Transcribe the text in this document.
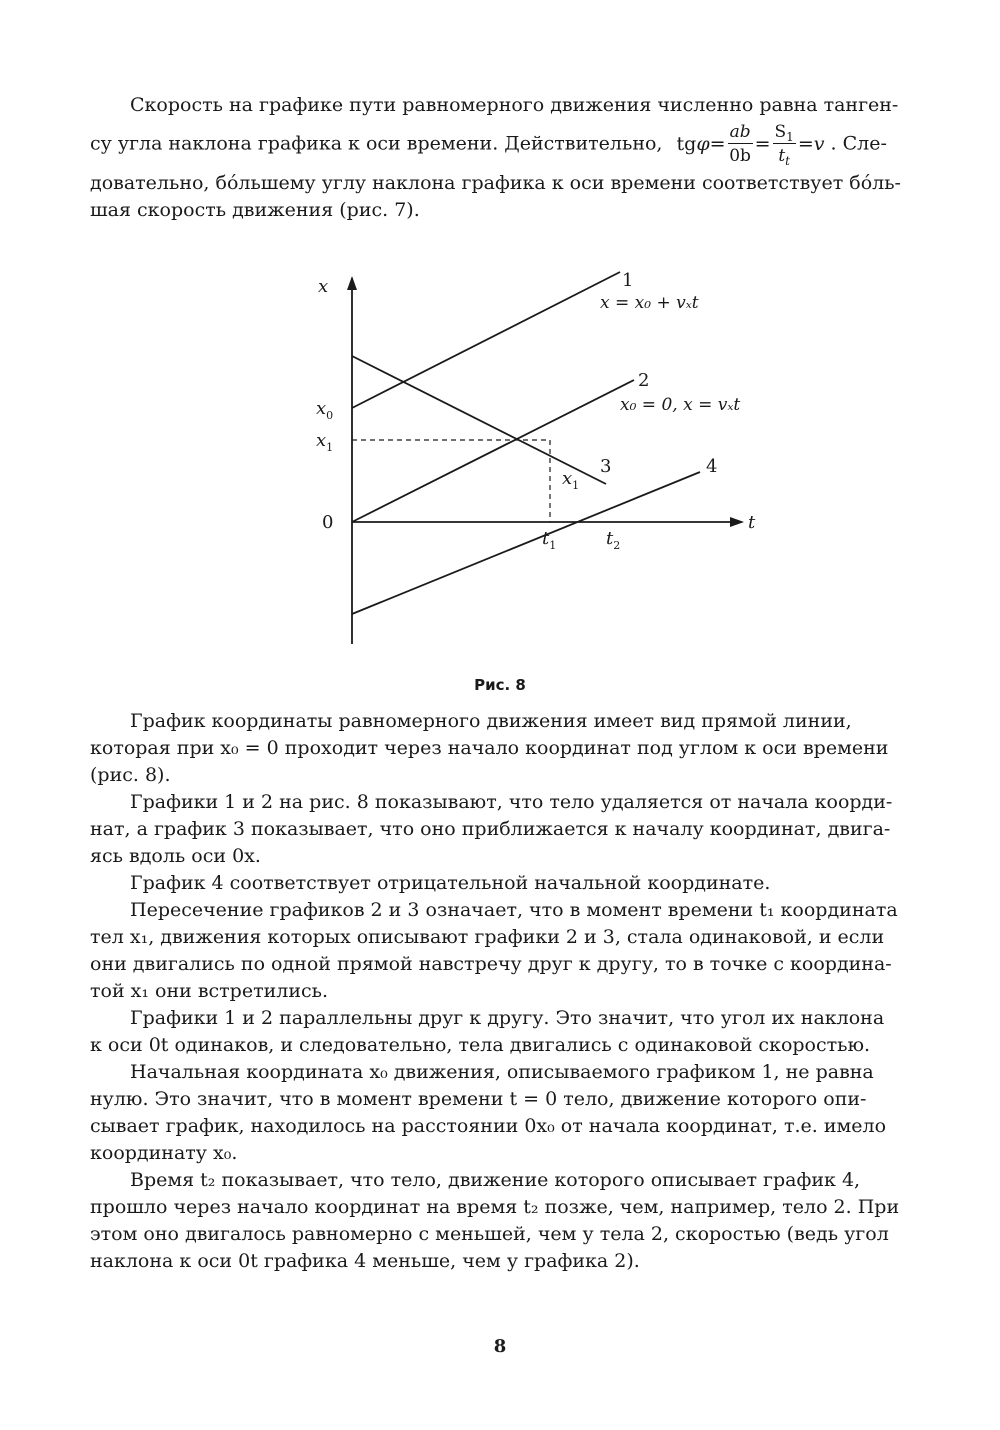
Скорость на графике пути равномерного движения численно равна танген-
су угла наклона графика к оси времени. Действительно, $tg\varphi= \frac{ab}{0b} = \frac{S_1}{t_t} =v$ . Сле-
довательно, бо́льшему углу наклона графика к оси времени соответствует бо́ль-
шая скорость движения (рис. 7).
x
t
0
$x_0$
$x_1$
$x_1$
$t_1$	$t_2$
1
x = x₀ + vₓt
2
x₀ = 0, x = vₓt
3	4
Рис. 8
График координаты равномерного движения имеет вид прямой линии,
которая при x₀ = 0 проходит через начало координат под углом к оси времени
(рис. 8).
Графики 1 и 2 на рис. 8 показывают, что тело удаляется от начала коорди-
нат, а график 3 показывает, что оно приближается к началу координат, двига-
ясь вдоль оси 0x.
График 4 соответствует отрицательной начальной координате.
Пересечение графиков 2 и 3 означает, что в момент времени t₁ координата
тел x₁, движения которых описывают графики 2 и 3, стала одинаковой, и если
они двигались по одной прямой навстречу друг к другу, то в точке с координа-
той x₁ они встретились.
Графики 1 и 2 параллельны друг к другу. Это значит, что угол их наклона
к оси 0t одинаков, и следовательно, тела двигались с одинаковой скоростью.
Начальная координата x₀ движения, описываемого графиком 1, не равна
нулю. Это значит, что в момент времени t = 0 тело, движение которого опи-
сывает график, находилось на расстоянии 0x₀ от начала координат, т.е. имело
координату x₀.
Время t₂ показывает, что тело, движение которого описывает график 4,
прошло через начало координат на время t₂ позже, чем, например, тело 2. При
этом оно двигалось равномерно с меньшей, чем у тела 2, скоростью (ведь угол
наклона к оси 0t графика 4 меньше, чем у графика 2).
8
